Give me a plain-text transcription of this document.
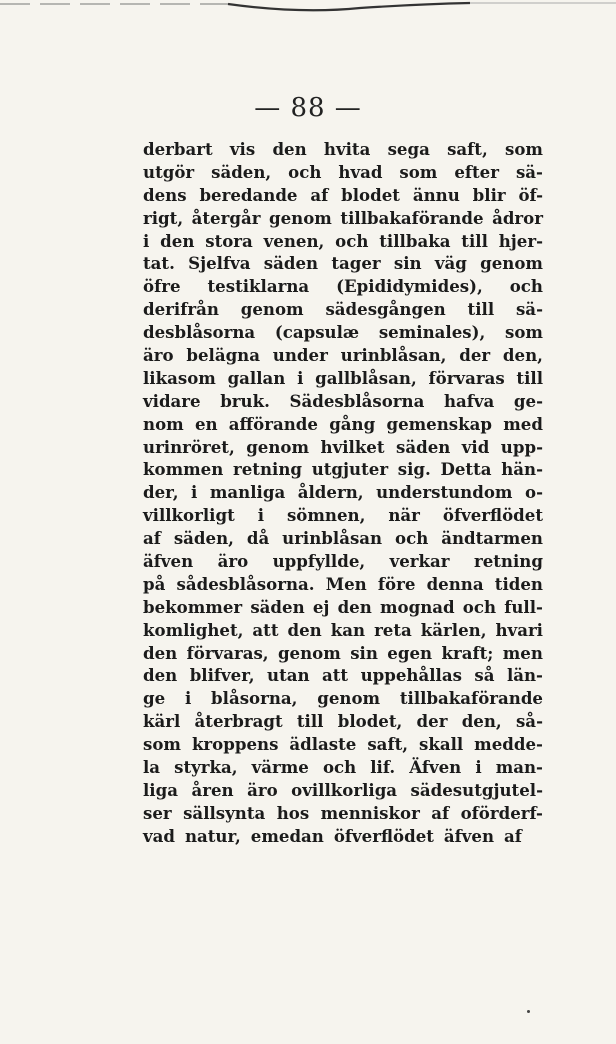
— 88 —
derbart vis den hvita sega saft, som
utgör säden, och hvad som efter sä-
dens beredande af blodet ännu blir öf-
rigt, återgår genom tillbakaförande ådror
i den stora venen, och tillbaka till hjer-
tat. Sjelfva säden tager sin väg genom
öfre testiklarna (Epididymides), och
derifrån genom sädesgången till sä-
desblåsorna (capsulæ seminales), som
äro belägna under urinblåsan, der den,
likasom gallan i gallblåsan, förvaras till
vidare bruk. Sädesblåsorna hafva ge-
nom en afförande gång gemenskap med
urinröret, genom hvilket säden vid upp-
kommen retning utgjuter sig. Detta hän-
der, i manliga åldern, understundom o-
villkorligt i sömnen, när öfverflödet
af säden, då urinblåsan och ändtarmen
äfven äro uppfyllde, verkar retning
på sådesblåsorna. Men före denna tiden
bekommer säden ej den mognad och full-
komlighet, att den kan reta kärlen, hvari
den förvaras, genom sin egen kraft; men
den blifver, utan att uppehållas så län-
ge i blåsorna, genom tillbakaförande
kärl återbragt till blodet, der den, så-
som kroppens ädlaste saft, skall medde-
la styrka, värme och lif. Äfven i man-
liga åren äro ovillkorliga sädesutgjutel-
ser sällsynta hos menniskor af oförderf-
vad natur, emedan öfverflödet äfven af
